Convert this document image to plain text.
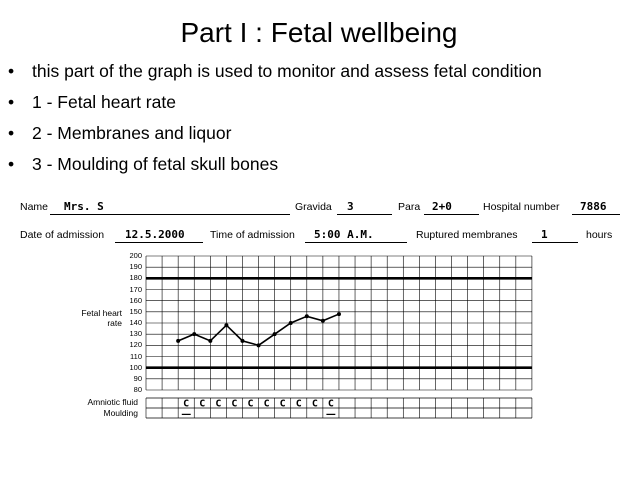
Part I : Fetal wellbeing
• this part of the graph is used to monitor and assess fetal condition
• 1 - Fetal heart rate
• 2 - Membranes and liquor
• 3 - Moulding of fetal skull bones
Name Mrs. S	Gravida 3	Para 2+0	Hospital number 7886
Date of admission 12.5.2000 Time of admission 5:00 A.M.	Ruptured membranes 1	hours
Fetal heart rate
Amniotic fluid
Moulding
200
190
180
170
160
150
140
130
120
110
100
90
80
C C C C C C C C C C
—	—
